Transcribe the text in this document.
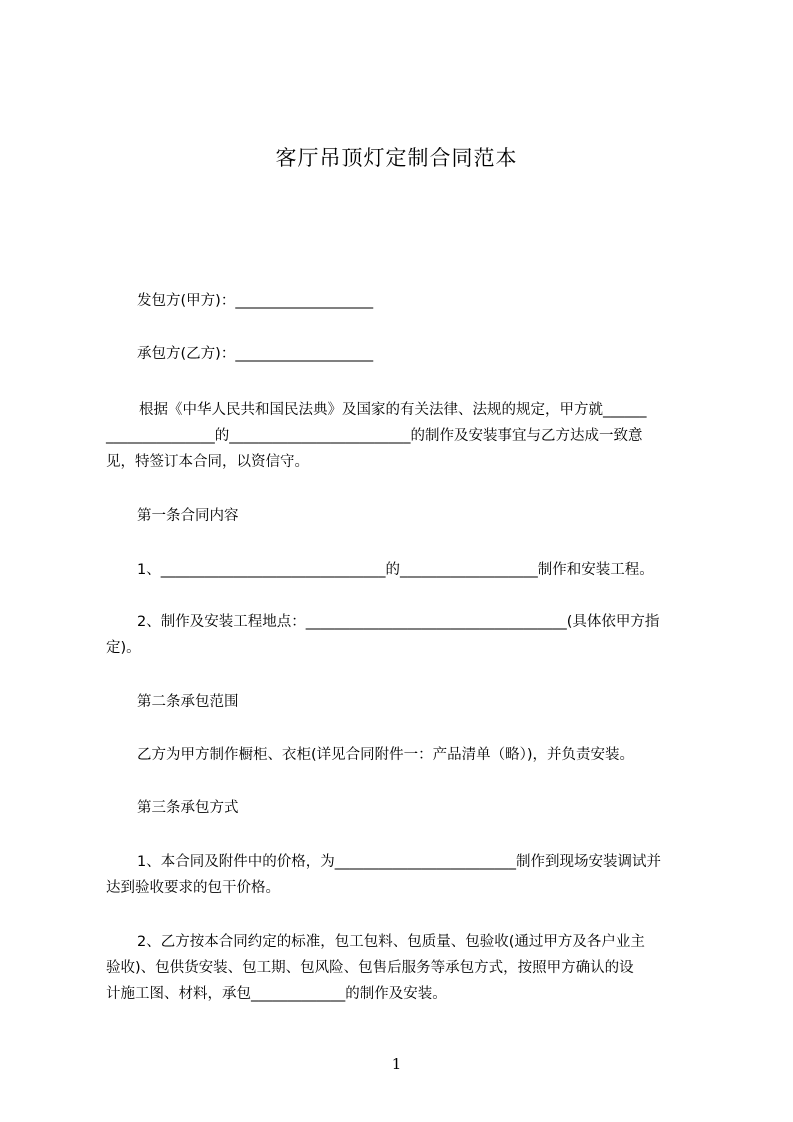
客厅吊顶灯定制合同范本
发包方(甲方)：___________________
承包方(乙方)：___________________
根据《中华人民共和国民法典》及国家的有关法律、法规的规定，甲方就______
_______________的_________________________的制作及安装事宜与乙方达成一致意
见，特签订本合同，以资信守。
第一条合同内容
1、_______________________________的___________________制作和安装工程。
2、制作及安装工程地点：____________________________________(具体依甲方指
定)。
第二条承包范围
乙方为甲方制作橱柜、衣柜(详见合同附件一：产品清单（略）)，并负责安装。
第三条承包方式
1、本合同及附件中的价格，为_________________________制作到现场安装调试并
达到验收要求的包干价格。
2、乙方按本合同约定的标准，包工包料、包质量、包验收(通过甲方及各户业主
验收)、包供货安装、包工期、包风险、包售后服务等承包方式，按照甲方确认的设
计施工图、材料，承包_____________的制作及安装。
1
